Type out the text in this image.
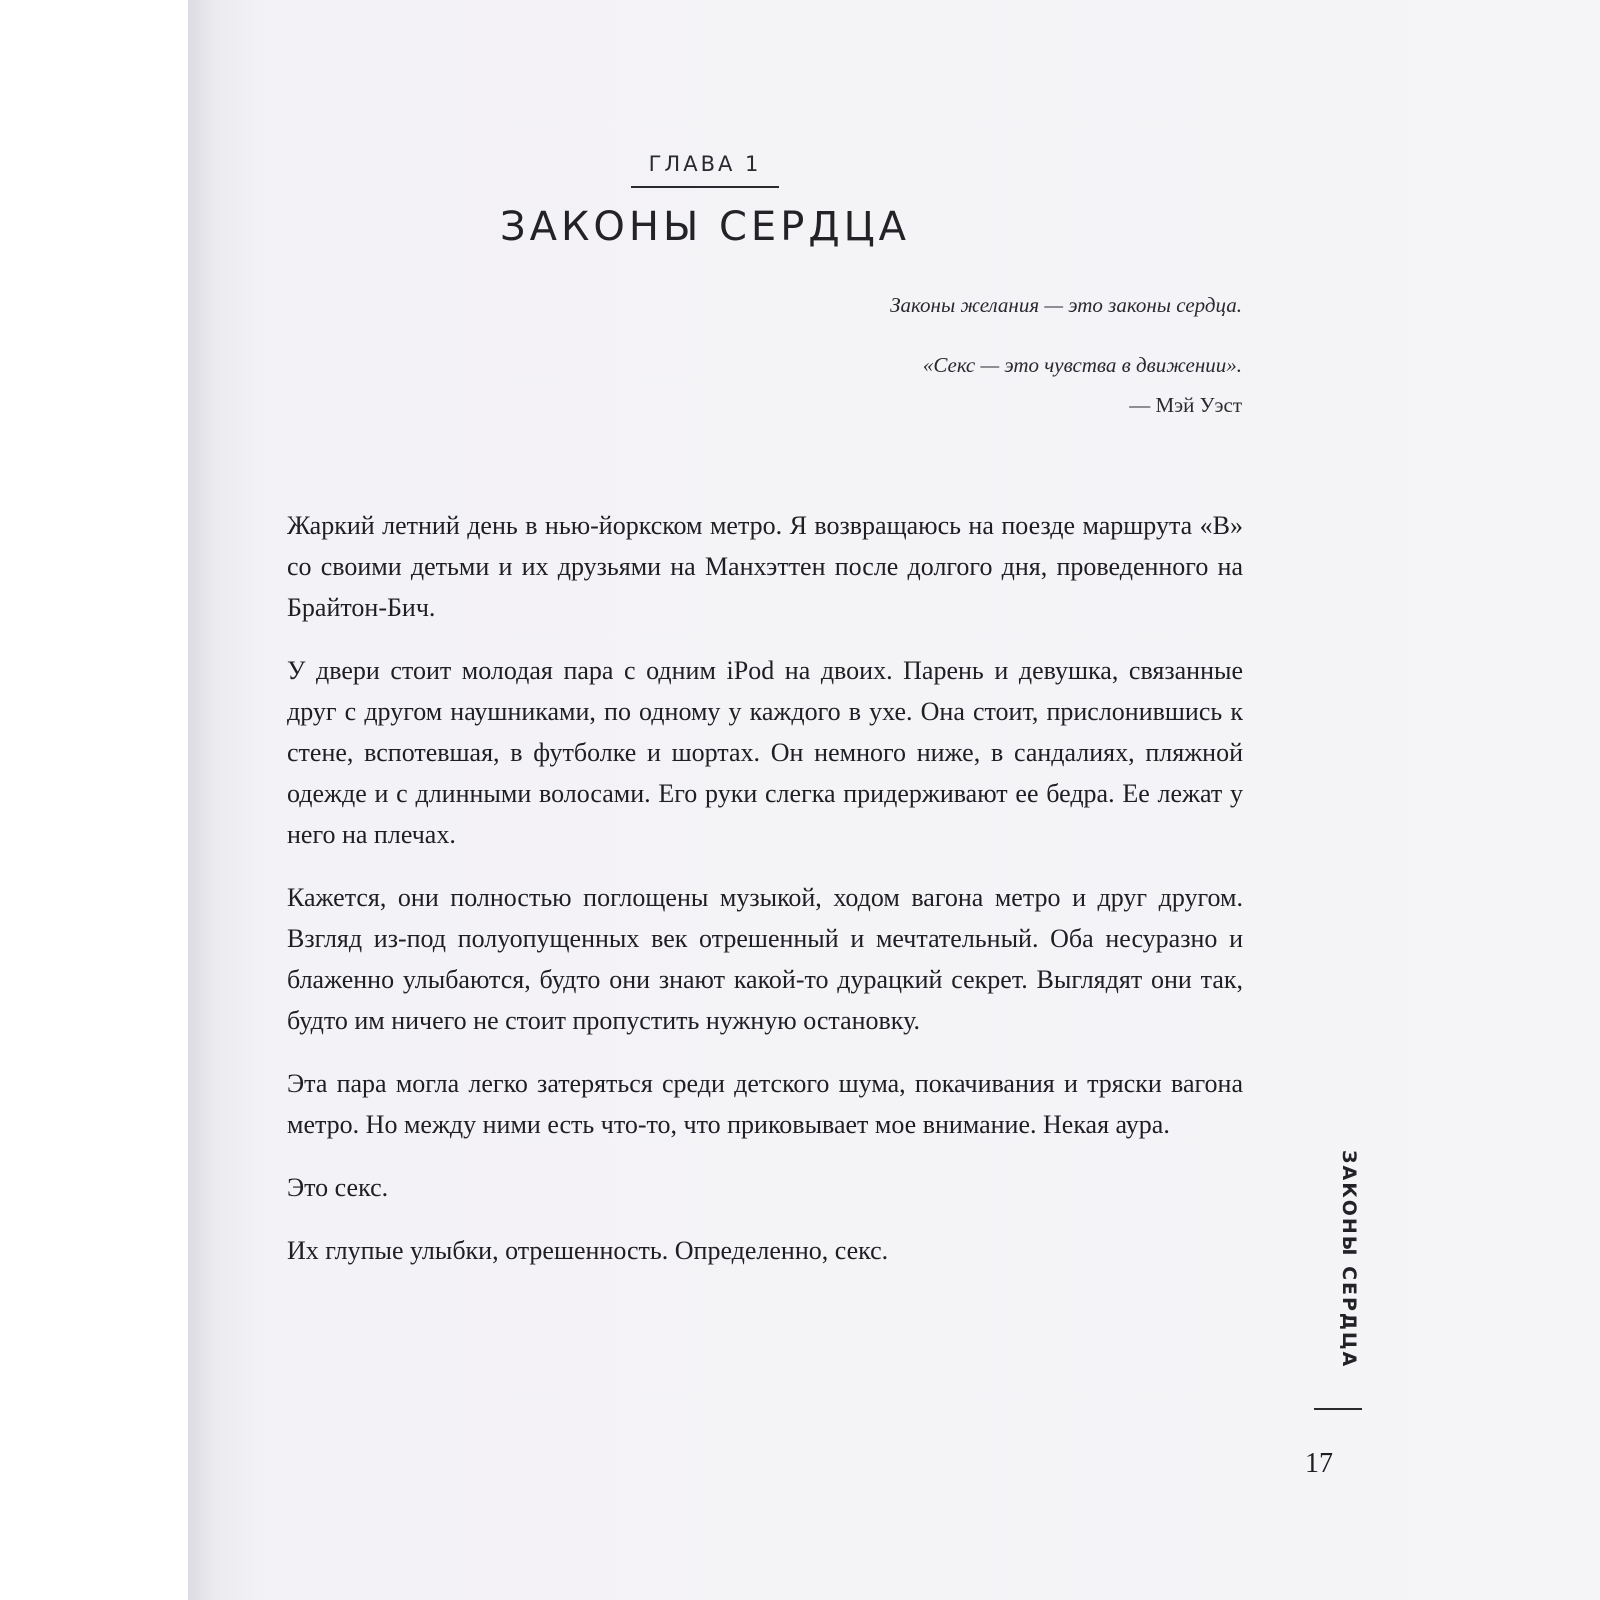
ГЛАВА 1
ЗАКОНЫ СЕРДЦА
Законы желания — это законы сердца.
«Секс — это чувства в движении».
— Мэй Уэст

Жаркий летний день в нью-йоркском метро. Я возвращаюсь на поезде маршрута «В» со своими детьми и их друзьями на Манхэттен после долгого дня, проведенного на Брайтон-Бич.

У двери стоит молодая пара с одним iPod на двоих. Парень и девушка, связанные друг с другом наушниками, по одному у каждого в ухе. Она стоит, прислонившись к стене, вспотевшая, в футболке и шортах. Он немного ниже, в сандалиях, пляжной одежде и с длинными волосами. Его руки слегка придерживают ее бедра. Ее лежат у него на плечах.

Кажется, они полностью поглощены музыкой, ходом вагона метро и друг другом. Взгляд из-под полуопущенных век отрешенный и мечтательный. Оба несуразно и блаженно улыбаются, будто они знают какой-то дурацкий секрет. Выглядят они так, будто им ничего не стоит пропустить нужную остановку.

Эта пара могла легко затеряться среди детского шума, покачивания и тряски вагона метро. Но между ними есть что-то, что приковывает мое внимание. Некая аура.

Это секс.

Их глупые улыбки, отрешенность. Определенно, секс.	ЗАКОНЫ СЕРДЦА
17
